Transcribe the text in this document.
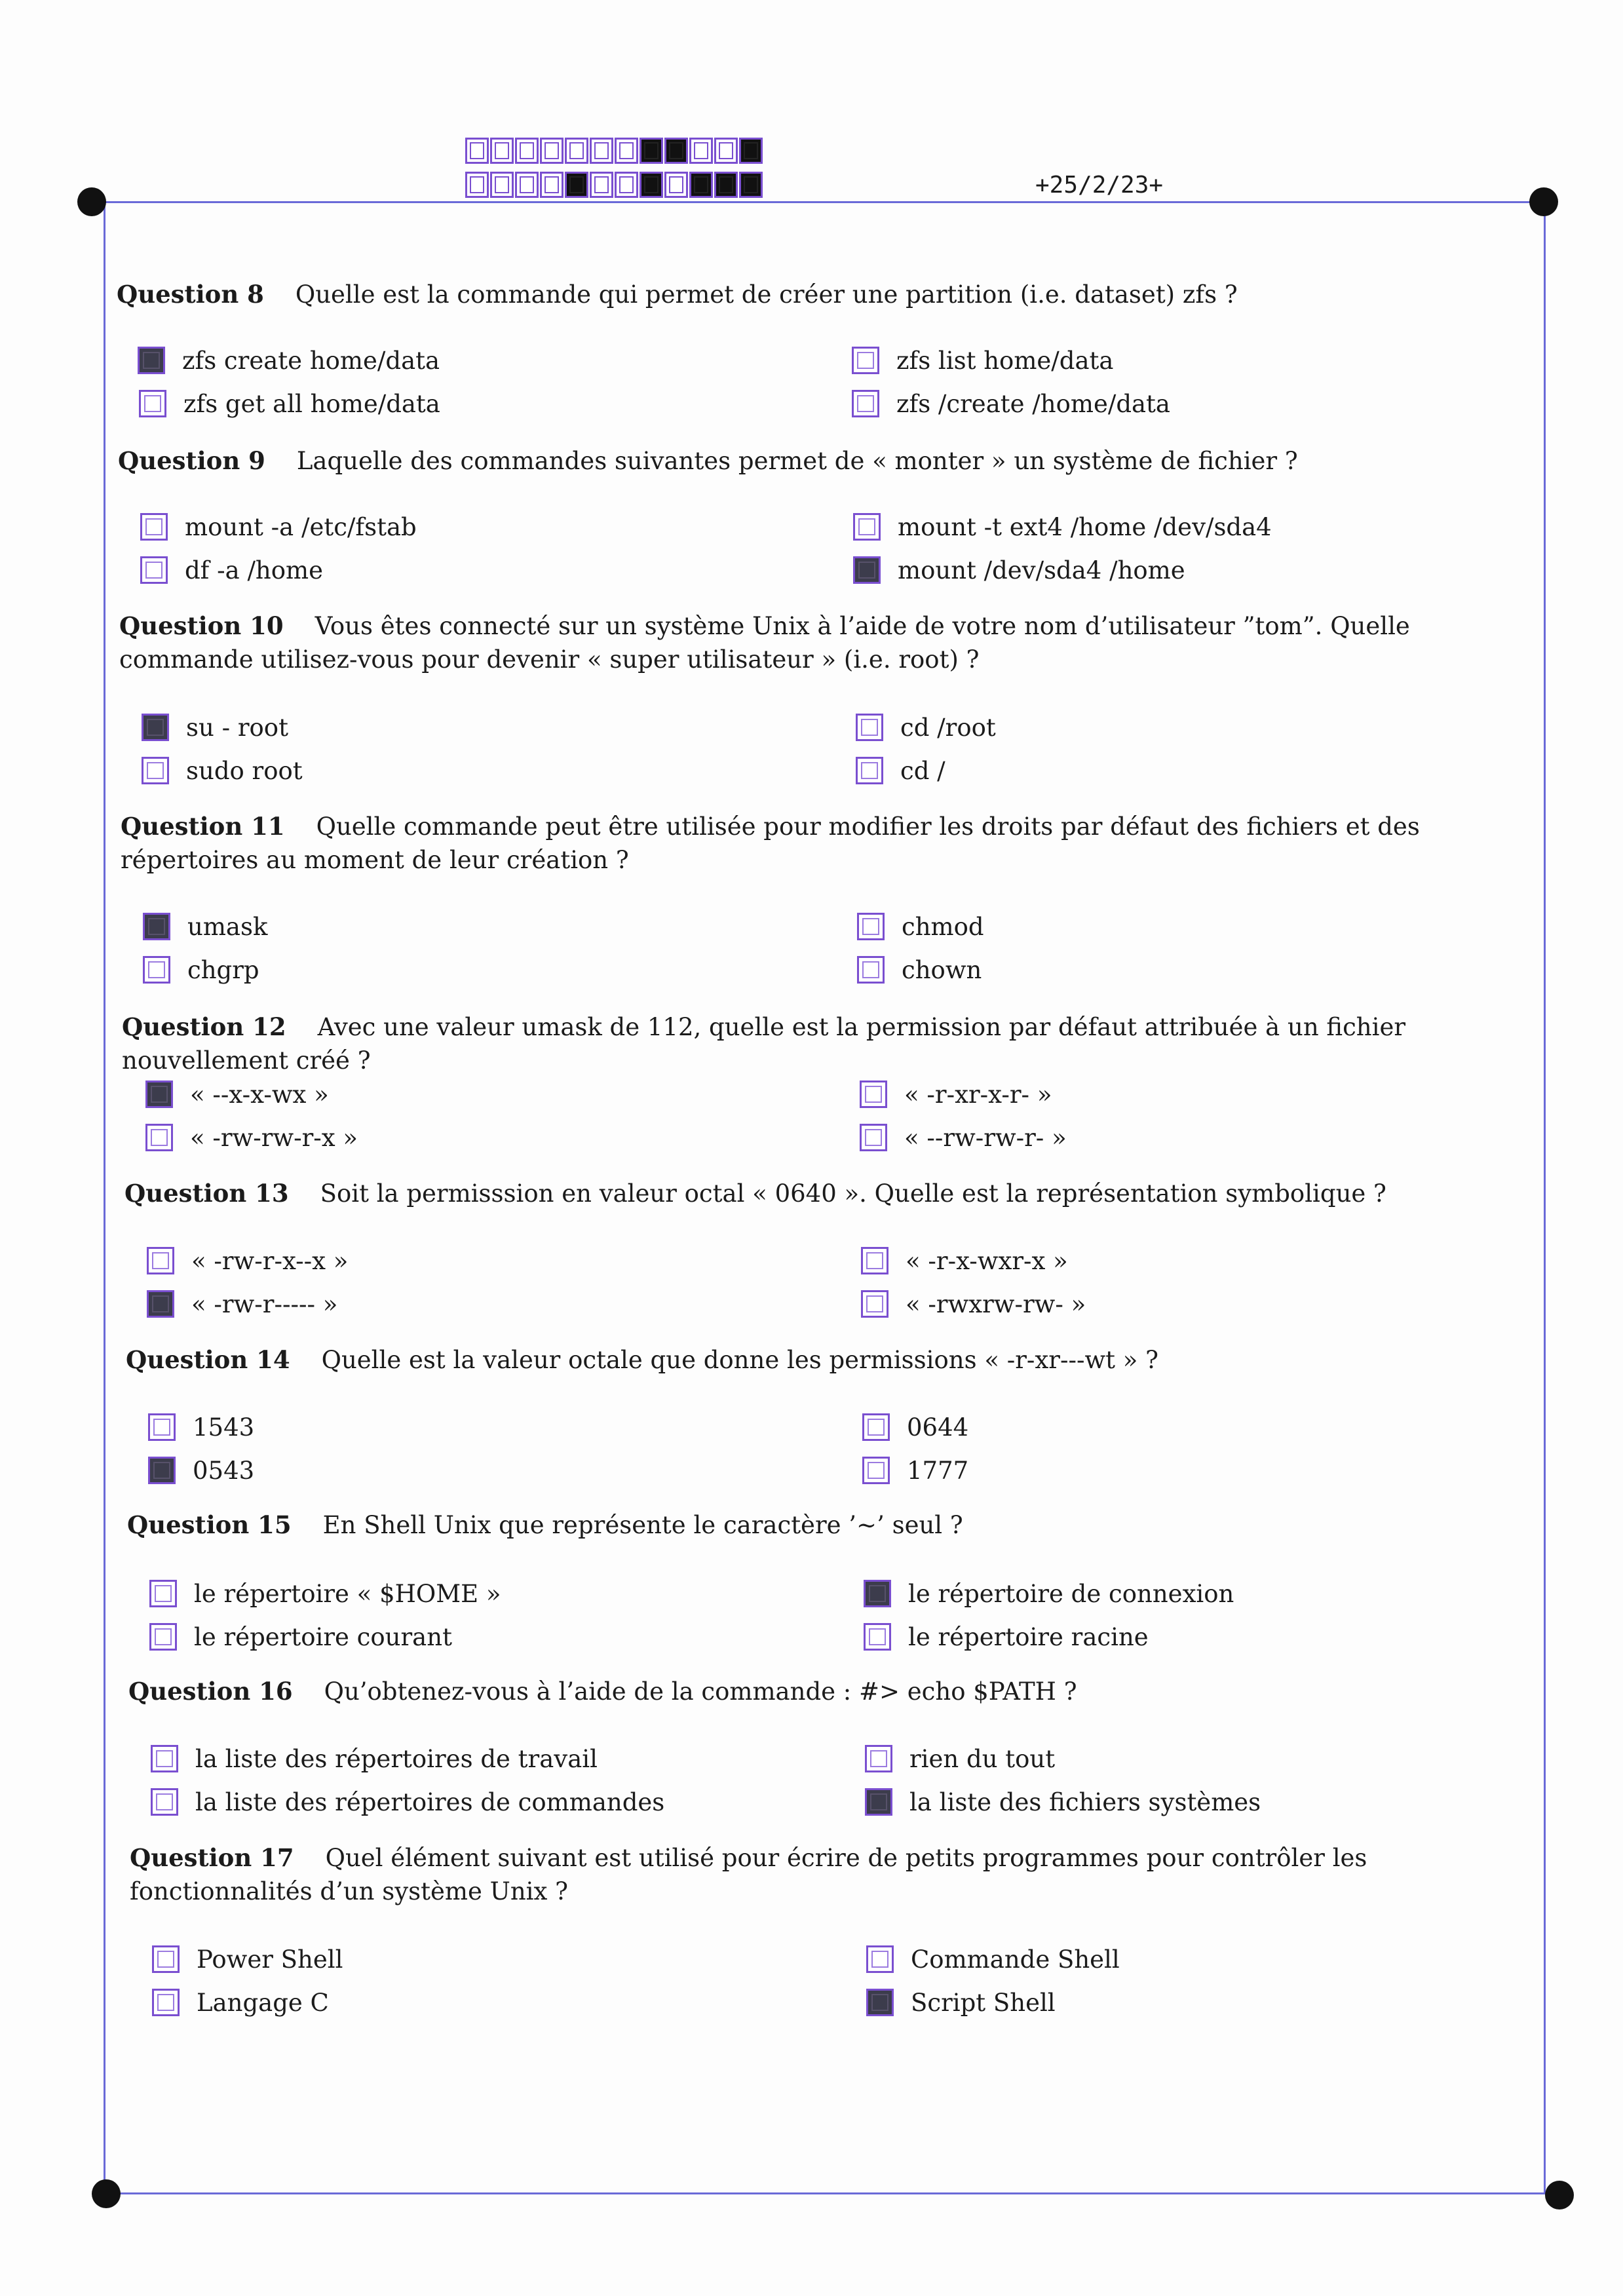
+25/2/23+
Question 8 Quelle est la commande qui permet de créer une partition (i.e. dataset) zfs ?
zfs create home/data	zfs list home/data
zfs get all home/data	zfs /create /home/data
Question 9 Laquelle des commandes suivantes permet de « monter » un système de fichier ?
mount -a /etc/fstab	mount -t ext4 /home /dev/sda4
df -a /home	mount /dev/sda4 /home
Question 10 Vous êtes connecté sur un système Unix à l’aide de votre nom d’utilisateur ”tom”. Quelle commande utilisez-vous pour devenir « super utilisateur » (i.e. root) ?
su - root	cd /root
sudo root	cd /
Question 11 Quelle commande peut être utilisée pour modifier les droits par défaut des fichiers et des répertoires au moment de leur création ?
umask	chmod
chgrp	chown
Question 12 Avec une valeur umask de 112, quelle est la permission par défaut attribuée à un fichier nouvellement créé ?
« --x-x-wx »	« -r-xr-x-r- »
« -rw-rw-r-x »	« --rw-rw-r- »
Question 13 Soit la permisssion en valeur octal « 0640 ». Quelle est la représentation symbolique ?
« -rw-r-x--x »	« -r-x-wxr-x »
« -rw-r----- »	« -rwxrw-rw- »
Question 14 Quelle est la valeur octale que donne les permissions « -r-xr---wt » ?
1543	0644
0543	1777
Question 15 En Shell Unix que représente le caractère ’∼’ seul ?
le répertoire « $HOME »	le répertoire de connexion
le répertoire courant	le répertoire racine
Question 16 Qu’obtenez-vous à l’aide de la commande : #> echo $PATH ?
la liste des répertoires de travail	rien du tout
la liste des répertoires de commandes	la liste des fichiers systèmes
Question 17 Quel élément suivant est utilisé pour écrire de petits programmes pour contrôler les fonctionnalités d’un système Unix ?
Power Shell	Commande Shell
Langage C	Script Shell
